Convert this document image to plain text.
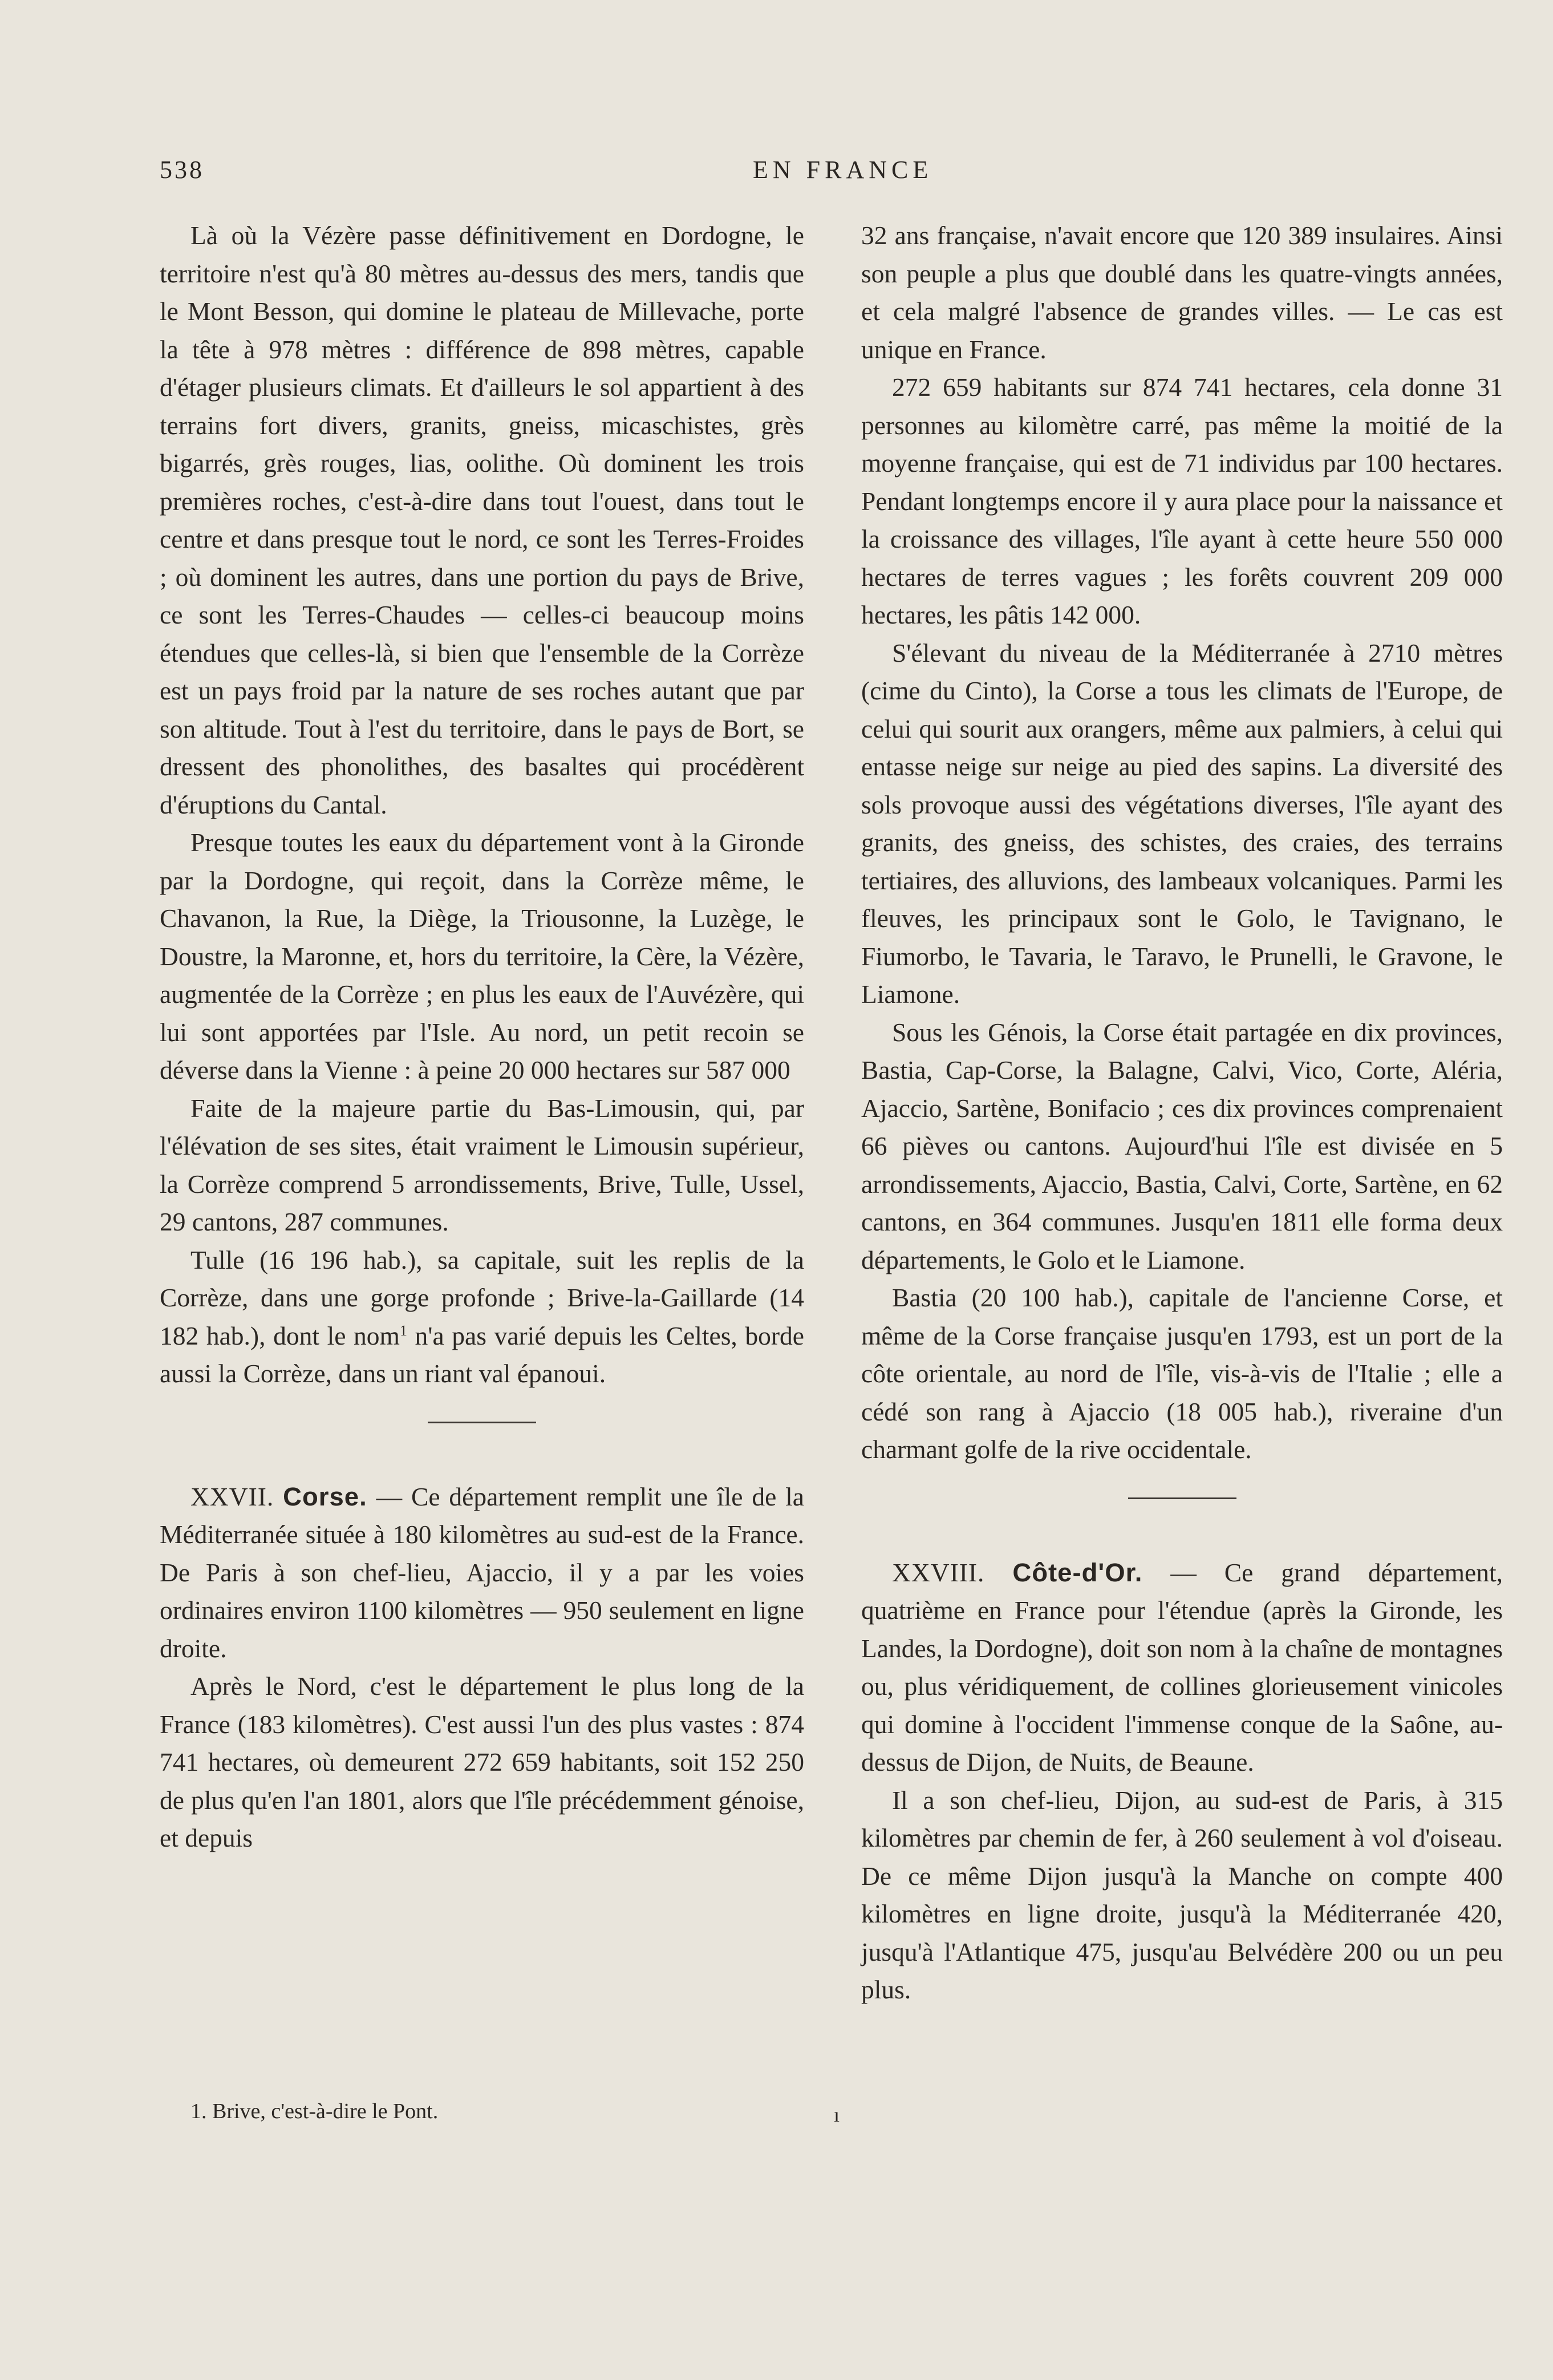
538	EN FRANCE

Là où la Vézère passe définitivement en Dordogne, le territoire n'est qu'à 80 mètres au-dessus des mers, tandis que le Mont Besson, qui domine le plateau de Millevache, porte la tête à 978 mètres : différence de 898 mètres, capable d'étager plusieurs climats. Et d'ailleurs le sol appartient à des terrains fort divers, granits, gneiss, micaschistes, grès bigarrés, grès rouges, lias, oolithe. Où dominent les trois premières roches, c'est-à-dire dans tout l'ouest, dans tout le centre et dans presque tout le nord, ce sont les Terres-Froides ; où dominent les autres, dans une portion du pays de Brive, ce sont les Terres-Chaudes — celles-ci beaucoup moins étendues que celles-là, si bien que l'ensemble de la Corrèze est un pays froid par la nature de ses roches autant que par son altitude. Tout à l'est du territoire, dans le pays de Bort, se dressent des phonolithes, des basaltes qui procédèrent d'éruptions du Cantal.

Presque toutes les eaux du département vont à la Gironde par la Dordogne, qui reçoit, dans la Corrèze même, le Chavanon, la Rue, la Diège, la Triousonne, la Luzège, le Doustre, la Maronne, et, hors du territoire, la Cère, la Vézère, augmentée de la Corrèze ; en plus les eaux de l'Auvézère, qui lui sont apportées par l'Isle. Au nord, un petit recoin se déverse dans la Vienne : à peine 20 000 hectares sur 587 000

Faite de la majeure partie du Bas-Limousin, qui, par l'élévation de ses sites, était vraiment le Limousin supérieur, la Corrèze comprend 5 arrondissements, Brive, Tulle, Ussel, 29 cantons, 287 communes.

Tulle (16 196 hab.), sa capitale, suit les replis de la Corrèze, dans une gorge profonde ; Brive-la-Gaillarde (14 182 hab.), dont le nom$^1$ n'a pas varié depuis les Celtes, borde aussi la Corrèze, dans un riant val épanoui.

XXVII. Corse. — Ce département remplit une île de la Méditerranée située à 180 kilomètres au sud-est de la France. De Paris à son chef-lieu, Ajaccio, il y a par les voies ordinaires environ 1100 kilomètres — 950 seulement en ligne droite.

Après le Nord, c'est le département le plus long de la France (183 kilomètres). C'est aussi l'un des plus vastes : 874 741 hectares, où demeurent 272 659 habitants, soit 152 250 de plus qu'en l'an 1801, alors que l'île précédemment génoise, et depuis

32 ans française, n'avait encore que 120 389 insulaires. Ainsi son peuple a plus que doublé dans les quatre-vingts années, et cela malgré l'absence de grandes villes. — Le cas est unique en France.

272 659 habitants sur 874 741 hectares, cela donne 31 personnes au kilomètre carré, pas même la moitié de la moyenne française, qui est de 71 individus par 100 hectares. Pendant longtemps encore il y aura place pour la naissance et la croissance des villages, l'île ayant à cette heure 550 000 hectares de terres vagues ; les forêts couvrent 209 000 hectares, les pâtis 142 000.

S'élevant du niveau de la Méditerranée à 2710 mètres (cime du Cinto), la Corse a tous les climats de l'Europe, de celui qui sourit aux orangers, même aux palmiers, à celui qui entasse neige sur neige au pied des sapins. La diversité des sols provoque aussi des végétations diverses, l'île ayant des granits, des gneiss, des schistes, des craies, des terrains tertiaires, des alluvions, des lambeaux volcaniques. Parmi les fleuves, les principaux sont le Golo, le Tavignano, le Fiumorbo, le Tavaria, le Taravo, le Prunelli, le Gravone, le Liamone.

Sous les Génois, la Corse était partagée en dix provinces, Bastia, Cap-Corse, la Balagne, Calvi, Vico, Corte, Aléria, Ajaccio, Sartène, Bonifacio ; ces dix provinces comprenaient 66 pièves ou cantons. Aujourd'hui l'île est divisée en 5 arrondissements, Ajaccio, Bastia, Calvi, Corte, Sartène, en 62 cantons, en 364 communes. Jusqu'en 1811 elle forma deux départements, le Golo et le Liamone.

Bastia (20 100 hab.), capitale de l'ancienne Corse, et même de la Corse française jusqu'en 1793, est un port de la côte orientale, au nord de l'île, vis-à-vis de l'Italie ; elle a cédé son rang à Ajaccio (18 005 hab.), riveraine d'un charmant golfe de la rive occidentale.

XXVIII. Côte-d'Or. — Ce grand département, quatrième en France pour l'étendue (après la Gironde, les Landes, la Dordogne), doit son nom à la chaîne de montagnes ou, plus véridiquement, de collines glorieusement vinicoles qui domine à l'occident l'immense conque de la Saône, au-dessus de Dijon, de Nuits, de Beaune.

Il a son chef-lieu, Dijon, au sud-est de Paris, à 315 kilomètres par chemin de fer, à 260 seulement à vol d'oiseau. De ce même Dijon jusqu'à la Manche on compte 400 kilomètres en ligne droite, jusqu'à la Méditerranée 420, jusqu'à l'Atlantique 475, jusqu'au Belvédère 200 ou un peu plus.

1. Brive, c'est-à-dire le Pont.	ı
